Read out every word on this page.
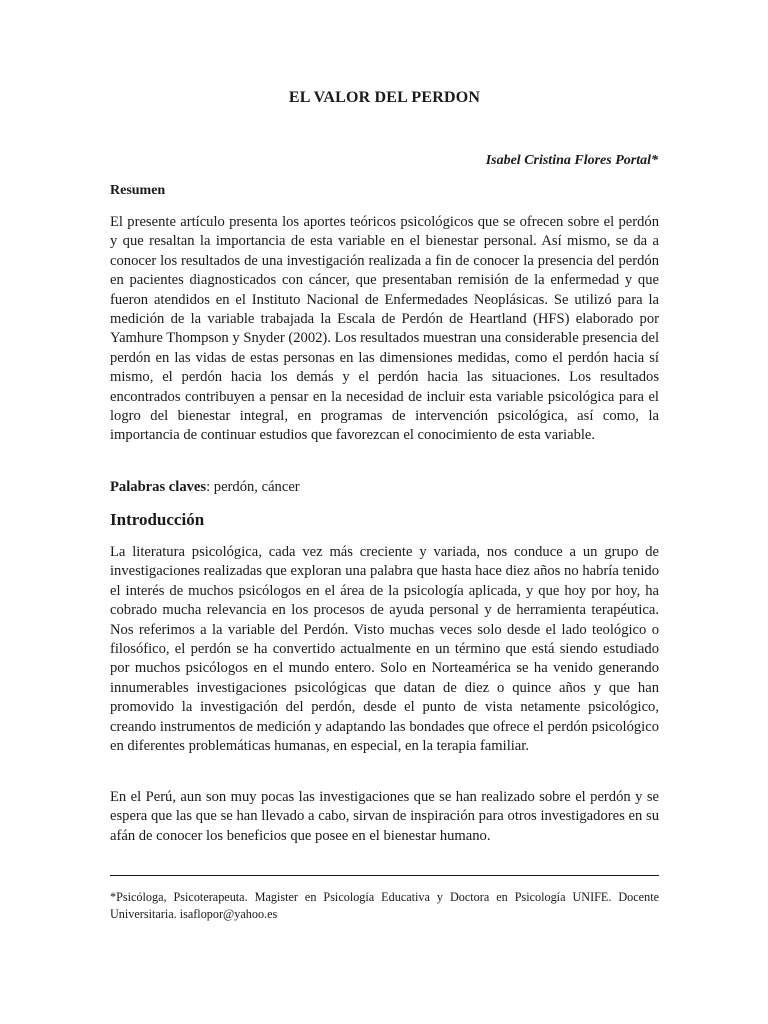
EL VALOR DEL PERDON
Isabel Cristina Flores Portal*
Resumen

El presente artículo presenta los aportes teóricos psicológicos que se ofrecen sobre el perdón y que resaltan la importancia de esta variable en el bienestar personal. Así mismo, se da a conocer los resultados de una investigación realizada a fin de conocer la presencia del perdón en pacientes diagnosticados con cáncer, que presentaban remisión de la enfermedad y que fueron atendidos en el Instituto Nacional de Enfermedades Neoplásicas. Se utilizó para la medición de la variable trabajada la Escala de Perdón de Heartland (HFS) elaborado por Yamhure Thompson y Snyder (2002). Los resultados muestran una considerable presencia del perdón en las vidas de estas personas en las dimensiones medidas, como el perdón hacia sí mismo, el perdón hacia los demás y el perdón hacia las situaciones. Los resultados encontrados contribuyen a pensar en la necesidad de incluir esta variable psicológica para el logro del bienestar integral, en programas de intervención psicológica, así como, la importancia de continuar estudios que favorezcan el conocimiento de esta variable.

Palabras claves: perdón, cáncer
Introducción

La literatura psicológica, cada vez más creciente y variada, nos conduce a un grupo de investigaciones realizadas que exploran una palabra que hasta hace diez años no habría tenido el interés de muchos psicólogos en el área de la psicología aplicada, y que hoy por hoy, ha cobrado mucha relevancia en los procesos de ayuda personal y de herramienta terapéutica. Nos referimos a la variable del Perdón. Visto muchas veces solo desde el lado teológico o filosófico, el perdón se ha convertido actualmente en un término que está siendo estudiado por muchos psicólogos en el mundo entero. Solo en Norteamérica se ha venido generando innumerables investigaciones psicológicas que datan de diez o quince años y que han promovido la investigación del perdón, desde el punto de vista netamente psicológico, creando instrumentos de medición y adaptando las bondades que ofrece el perdón psicológico en diferentes problemáticas humanas, en especial, en la terapia familiar.

En el Perú, aun son muy pocas las investigaciones que se han realizado sobre el perdón y se espera que las que se han llevado a cabo, sirvan de inspiración para otros investigadores en su afán de conocer los beneficios que posee en el bienestar humano.

*Psicóloga, Psicoterapeuta. Magister en Psicología Educativa y Doctora en Psicología UNIFE. Docente Universitaria. isaflopor@yahoo.es
